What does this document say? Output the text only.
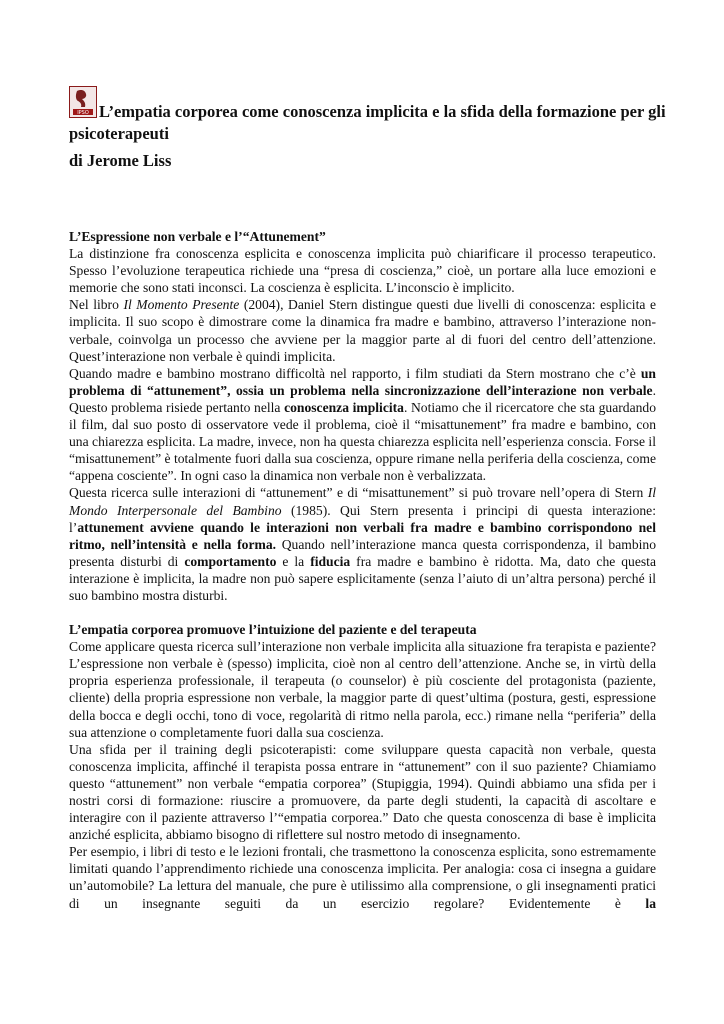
IPSO L’empatia corporea come conoscenza implicita e la sfida della formazione per gli psicoterapeuti
di Jerome Liss
L’Espressione non verbale e l’“Attunement”

La distinzione fra conoscenza esplicita e conoscenza implicita può chiarificare il processo terapeutico. Spesso l’evoluzione terapeutica richiede una “presa di coscienza,” cioè, un portare alla luce emozioni e memorie che sono stati inconsci. La coscienza è esplicita. L’inconscio è implicito.

Nel libro Il Momento Presente (2004), Daniel Stern distingue questi due livelli di conoscenza: esplicita e implicita. Il suo scopo è dimostrare come la dinamica fra madre e bambino, attraverso l’interazione non-verbale, coinvolga un processo che avviene per la maggior parte al di fuori del centro dell’attenzione. Quest’interazione non verbale è quindi implicita.

Quando madre e bambino mostrano difficoltà nel rapporto, i film studiati da Stern mostrano che c’è un problema di “attunement”, ossia un problema nella sincronizzazione dell’interazione non verbale. Questo problema risiede pertanto nella conoscenza implicita. Notiamo che il ricercatore che sta guardando il film, dal suo posto di osservatore vede il problema, cioè il “misattunement” fra madre e bambino, con una chiarezza esplicita. La madre, invece, non ha questa chiarezza esplicita nell’esperienza conscia. Forse il “misattunement” è totalmente fuori dalla sua coscienza, oppure rimane nella periferia della coscienza, come “appena cosciente”. In ogni caso la dinamica non verbale non è verbalizzata.

Questa ricerca sulle interazioni di “attunement” e di “misattunement” si può trovare nell’opera di Stern Il Mondo Interpersonale del Bambino (1985). Qui Stern presenta i principi di questa interazione: l’attunement avviene quando le interazioni non verbali fra madre e bambino corrispondono nel ritmo, nell’intensità e nella forma. Quando nell’interazione manca questa corrispondenza, il bambino presenta disturbi di comportamento e la fiducia fra madre e bambino è ridotta. Ma, dato che questa interazione è implicita, la madre non può sapere esplicitamente (senza l’aiuto di un’altra persona) perché il suo bambino mostra disturbi.

L’empatia corporea promuove l’intuizione del paziente e del terapeuta

Come applicare questa ricerca sull’interazione non verbale implicita alla situazione fra terapista e paziente? L’espressione non verbale è (spesso) implicita, cioè non al centro dell’attenzione. Anche se, in virtù della propria esperienza professionale, il terapeuta (o counselor) è più cosciente del protagonista (paziente, cliente) della propria espressione non verbale, la maggior parte di quest’ultima (postura, gesti, espressione della bocca e degli occhi, tono di voce, regolarità di ritmo nella parola, ecc.) rimane nella “periferia” della sua attenzione o completamente fuori dalla sua coscienza.

Una sfida per il training degli psicoterapisti: come sviluppare questa capacità non verbale, questa conoscenza implicita, affinché il terapista possa entrare in “attunement” con il suo paziente? Chiamiamo questo “attunement” non verbale “empatia corporea” (Stupiggia, 1994). Quindi abbiamo una sfida per i nostri corsi di formazione: riuscire a promuovere, da parte degli studenti, la capacità di ascoltare e interagire con il paziente attraverso l’“empatia corporea.” Dato che questa conoscenza di base è implicita anziché esplicita, abbiamo bisogno di riflettere sul nostro metodo di insegnamento.

Per esempio, i libri di testo e le lezioni frontali, che trasmettono la conoscenza esplicita, sono estremamente limitati quando l’apprendimento richiede una conoscenza implicita. Per analogia: cosa ci insegna a guidare un’automobile? La lettura del manuale, che pure è utilissimo alla comprensione, o gli insegnamenti pratici di un insegnante seguiti da un esercizio regolare? Evidentemente è la
